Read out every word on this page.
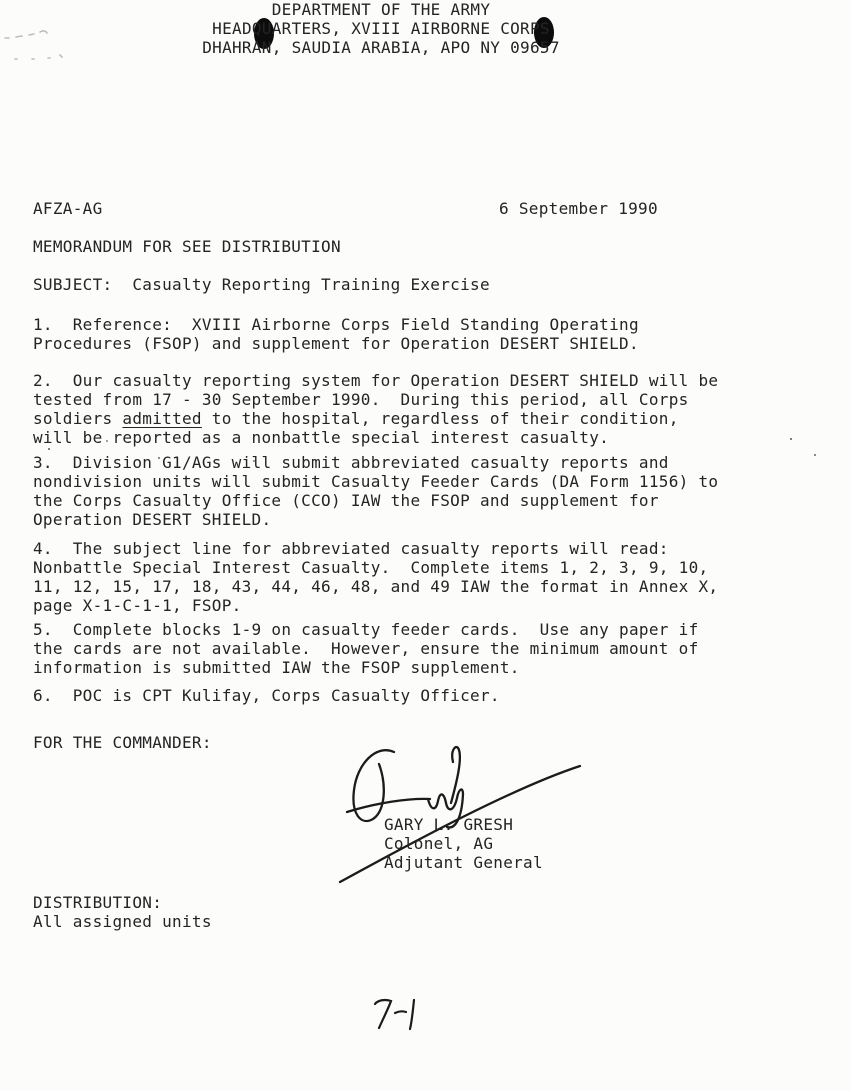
DEPARTMENT OF THE ARMY
HEADQUARTERS, XVIII AIRBORNE CORPS
DHAHRAN, SAUDIA ARABIA, APO NY 09657
AFZA-AG	6 September 1990
MEMORANDUM FOR SEE DISTRIBUTION
SUBJECT:  Casualty Reporting Training Exercise
1.  Reference:  XVIII Airborne Corps Field Standing Operating
Procedures (FSOP) and supplement for Operation DESERT SHIELD.
2.  Our casualty reporting system for Operation DESERT SHIELD will be
tested from 17 - 30 September 1990.  During this period, all Corps
soldiers admitted to the hospital, regardless of their condition,
will be reported as a nonbattle special interest casualty.
3.  Division G1/AGs will submit abbreviated casualty reports and
nondivision units will submit Casualty Feeder Cards (DA Form 1156) to
the Corps Casualty Office (CCO) IAW the FSOP and supplement for
Operation DESERT SHIELD.
4.  The subject line for abbreviated casualty reports will read:
Nonbattle Special Interest Casualty.  Complete items 1, 2, 3, 9, 10,
11, 12, 15, 17, 18, 43, 44, 46, 48, and 49 IAW the format in Annex X,
page X-1-C-1-1, FSOP.
5.  Complete blocks 1-9 on casualty feeder cards.  Use any paper if
the cards are not available.  However, ensure the minimum amount of
information is submitted IAW the FSOP supplement.
6.  POC is CPT Kulifay, Corps Casualty Officer.
FOR THE COMMANDER:
GARY L. GRESH
Colonel, AG
Adjutant General
DISTRIBUTION:
All assigned units
7-1
